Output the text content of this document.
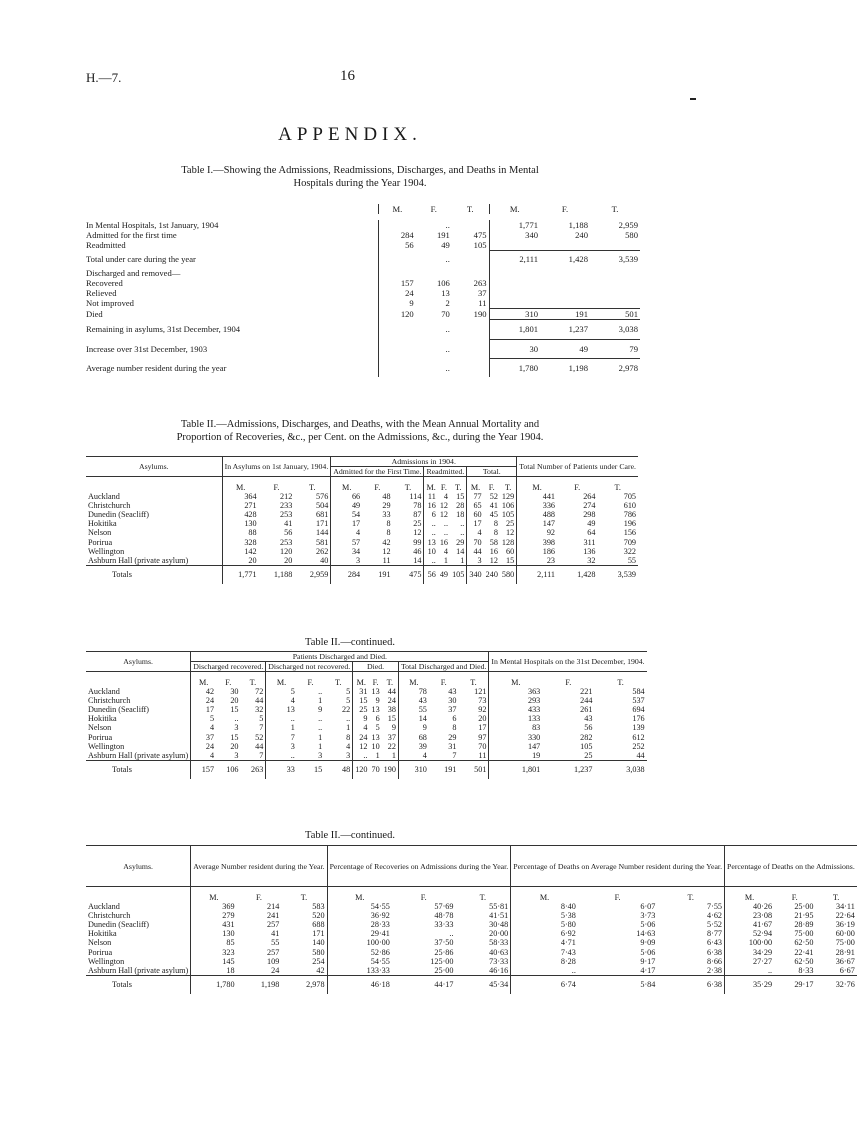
H.—7.	16
APPENDIX.
Table I.—Showing the Admissions, Readmissions, Discharges, and Deaths in Mental
Hospitals during the Year 1904.
	M.	F.	T.	M.	F.	T.

In Mental Hospitals, 1st January, 1904		..		1,771	1,188	2,959
Admitted for the first time	284	191	475	340	240	580
Readmitted	56	49	105			
Total under care during the year		..		2,111	1,428	3,539
Discharged and removed—						
Recovered	157	106	263			
Relieved	24	13	37			
Not improved	9	2	11			
Died	120	70	190	310	191	501
Remaining in asylums, 31st December, 1904		..		1,801	1,237	3,038
Increase over 31st December, 1903		..		30	49	79
Average number resident during the year		..		1,780	1,198	2,978
Table II.—Admissions, Discharges, and Deaths, with the Mean Annual Mortality and
Proportion of Recoveries, &c., per Cent. on the Admissions, &c., during the Year 1904.
Asylums.	In Asylums on 1st January, 1904.			Admissions in 1904.									Total Number of Patients under Care.		
				Admitted for the First Time.			Readmitted.			Total.					
	M.	F.	T.	M.	F.	T.	M.	F.	T.	M.	F.	T.	M.	F.	T.
Auckland	364	212	576	66	48	114	11	4	15	77	52	129	441	264	705
Christchurch	271	233	504	49	29	78	16	12	28	65	41	106	336	274	610
Dunedin (Seacliff)	428	253	681	54	33	87	6	12	18	60	45	105	488	298	786
Hokitika	130	41	171	17	8	25	..	..	..	17	8	25	147	49	196
Nelson	88	56	144	4	8	12	..	..	..	4	8	12	92	64	156
Porirua	328	253	581	57	42	99	13	16	29	70	58	128	398	311	709
Wellington	142	120	262	34	12	46	10	4	14	44	16	60	186	136	322
Ashburn Hall (private asylum)	20	20	40	3	11	14	..	1	1	3	12	15	23	32	55
Totals	1,771	1,188	2,959	284	191	475	56	49	105	340	240	580	2,111	1,428	3,539
Table II.—continued.
Asylums.	Patients Discharged and Died.												In Mental Hospitals on the 31st December, 1904.		
	Discharged recovered.			Discharged not recovered.			Died.			Total Discharged and Died.					
	M.	F.	T.	M.	F.	T.	M.	F.	T.	M.	F.	T.	M.	F.	T.
Auckland	42	30	72	5	..	5	31	13	44	78	43	121	363	221	584
Christchurch	24	20	44	4	1	5	15	9	24	43	30	73	293	244	537
Dunedin (Seacliff)	17	15	32	13	9	22	25	13	38	55	37	92	433	261	694
Hokitika	5	..	5	..	..	..	9	6	15	14	6	20	133	43	176
Nelson	4	3	7	1	..	1	4	5	9	9	8	17	83	56	139
Porirua	37	15	52	7	1	8	24	13	37	68	29	97	330	282	612
Wellington	24	20	44	3	1	4	12	10	22	39	31	70	147	105	252
Ashburn Hall (private asylum)	4	3	7	..	3	3	..	1	1	4	7	11	19	25	44
Totals	157	106	263	33	15	48	120	70	190	310	191	501	1,801	1,237	3,038
Table II.—continued.
Asylums.	Average Number resident during the Year.			Percentage of Recoveries on Admissions during the Year.			Percentage of Deaths on Average Number resident during the Year.			Percentage of Deaths on the Admissions.		
	M.	F.	T.	M.	F.	T.	M.	F.	T.	M.	F.	T.
Auckland	369	214	583	54·55	57·69	55·81	8·40	6·07	7·55	40·26	25·00	34·11
Christchurch	279	241	520	36·92	48·78	41·51	5·38	3·73	4·62	23·08	21·95	22·64
Dunedin (Seacliff)	431	257	688	28·33	33·33	30·48	5·80	5·06	5·52	41·67	28·89	36·19
Hokitika	130	41	171	29·41	..	20·00	6·92	14·63	8·77	52·94	75·00	60·00
Nelson	85	55	140	100·00	37·50	58·33	4·71	9·09	6·43	100·00	62·50	75·00
Porirua	323	257	580	52·86	25·86	40·63	7·43	5·06	6·38	34·29	22·41	28·91
Wellington	145	109	254	54·55	125·00	73·33	8·28	9·17	8·66	27·27	62·50	36·67
Ashburn Hall (private asylum)	18	24	42	133·33	25·00	46·16	..	4·17	2·38	..	8·33	6·67
Totals	1,780	1,198	2,978	46·18	44·17	45·34	6·74	5·84	6·38	35·29	29·17	32·76
